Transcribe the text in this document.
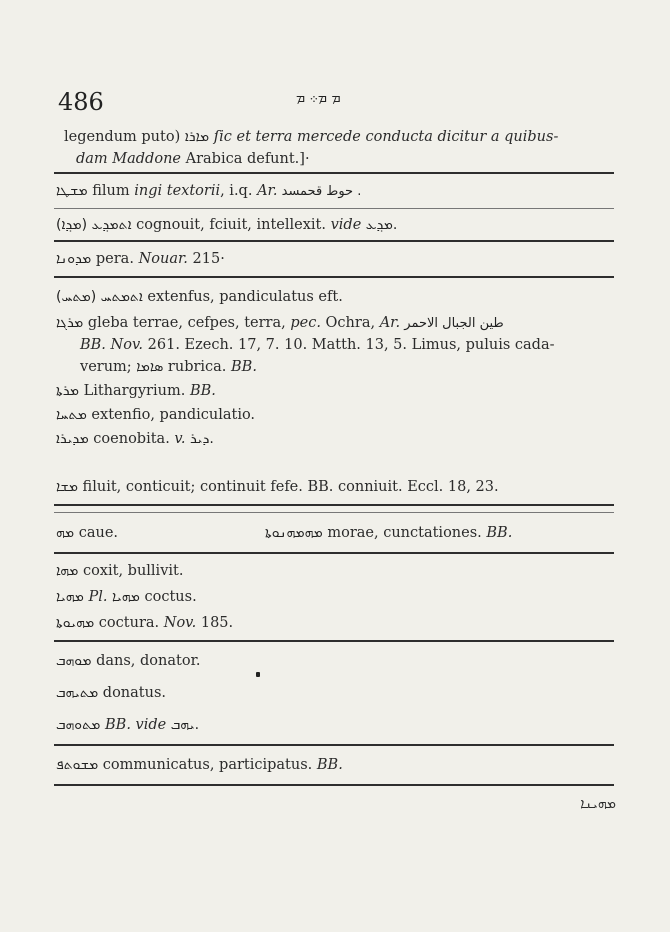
486	ܡ ܡ܀ ܡ
legendum puto) ܡܐܪܐ ſic et terra mercede conducta dicitur a quibus-
dam Maddone Arabica defunt.]·
ܡܫܛܐ filum ingi textorii, i.q. Ar. حوط قحمسد .
(ܡܕ݂ܐ) ܐܬܡܕ݂ܥ cognouit, fciuit, intellexit. vide ܡܕ݂ܥ.
ܡܕܘܢܐ pera. Nouar. 215·
(ܡܬܚ) ܐܬܡܬܚ extenfus, pandiculatus eft.
ܡܪܓܐ gleba terrae, cefpes, terra, pec. Ochra, Ar. طين الجبال الاحمر
BB. Nov. 261. Ezech. 17, 7. 10. Matth. 13, 5. Limus, puluis cada-
verum; ܣܐܡܐ rubrica. BB.
ܡܪܬܐ Lithargyrium. BB.
ܡܬܚܐ extenfio, pandiculatio.
ܡܕܝܪܐ coenobita. v. ܕܝܪ.
ܡܫܐ filuit, conticuit; continuit fefe. BB. conniuit. Eccl. 18, 23.
ܡܗ caue.	ܡܗܡܗܢܘܬܐ morae, cunctationes. BB.
ܡܗܐ coxit, bullivit.
ܡܗܝܐ Pl. ܡܗܝܐ coctus.
ܡܗܝܘܬܐ coctura. Nov. 185.
ܡܘܗܒ dans, donator.
ܡܬܝܗܒ donatus.
ܡܬܘܗܒ BB. vide ܝܗܒ.
ܡܫܘܬܦ communicatus, participatus. BB.
ܡܗܝܢܐ
